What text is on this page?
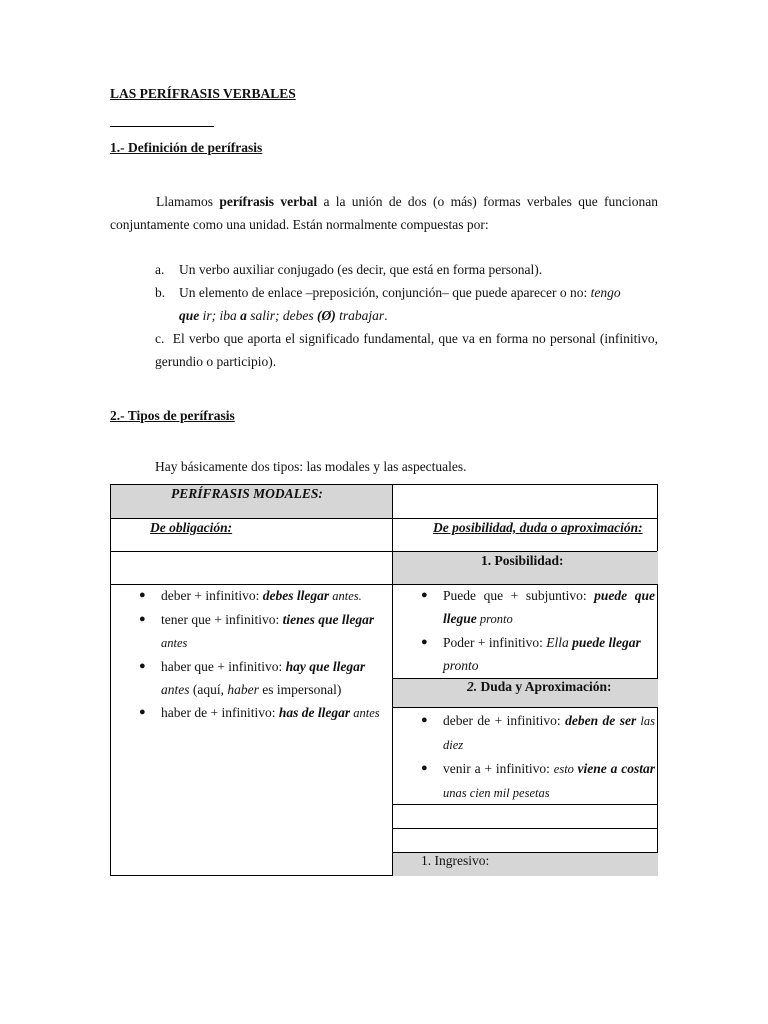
LAS PERÍFRASIS VERBALES
1.- Definición de perífrasis
Llamamos perífrasis verbal a la unión de dos (o más) formas verbales que funcionan conjuntamente como una unidad. Están normalmente compuestas por:
a. Un verbo auxiliar conjugado (es decir, que está en forma personal).
b. Un elemento de enlace –preposición, conjunción– que puede aparecer o no: tengo
que ir; iba a salir; debes (Ø) trabajar.
c. El verbo que aporta el significado fundamental, que va en forma no personal (infinitivo, gerundio o participio).
2.- Tipos de perífrasis
Hay básicamente dos tipos: las modales y las aspectuales.
PERÍFRASIS MODALES:
De obligación:	De posibilidad, duda o aproximación:
1. Posibilidad:
2. Duda y Aproximación:
1. Ingresivo:
● deber + infinitivo: debes llegar antes.
● tener que + infinitivo: tienes que llegar
antes
● haber que + infinitivo: hay que llegar
antes (aquí, haber es impersonal)
● haber de + infinitivo: has de llegar antes
● Puede que + subjuntivo: puede que llegue pronto
● Poder + infinitivo: Ella puede llegar
pronto
● deber de + infinitivo: deben de ser las diez
● venir a + infinitivo: esto viene a costar unas cien mil pesetas
